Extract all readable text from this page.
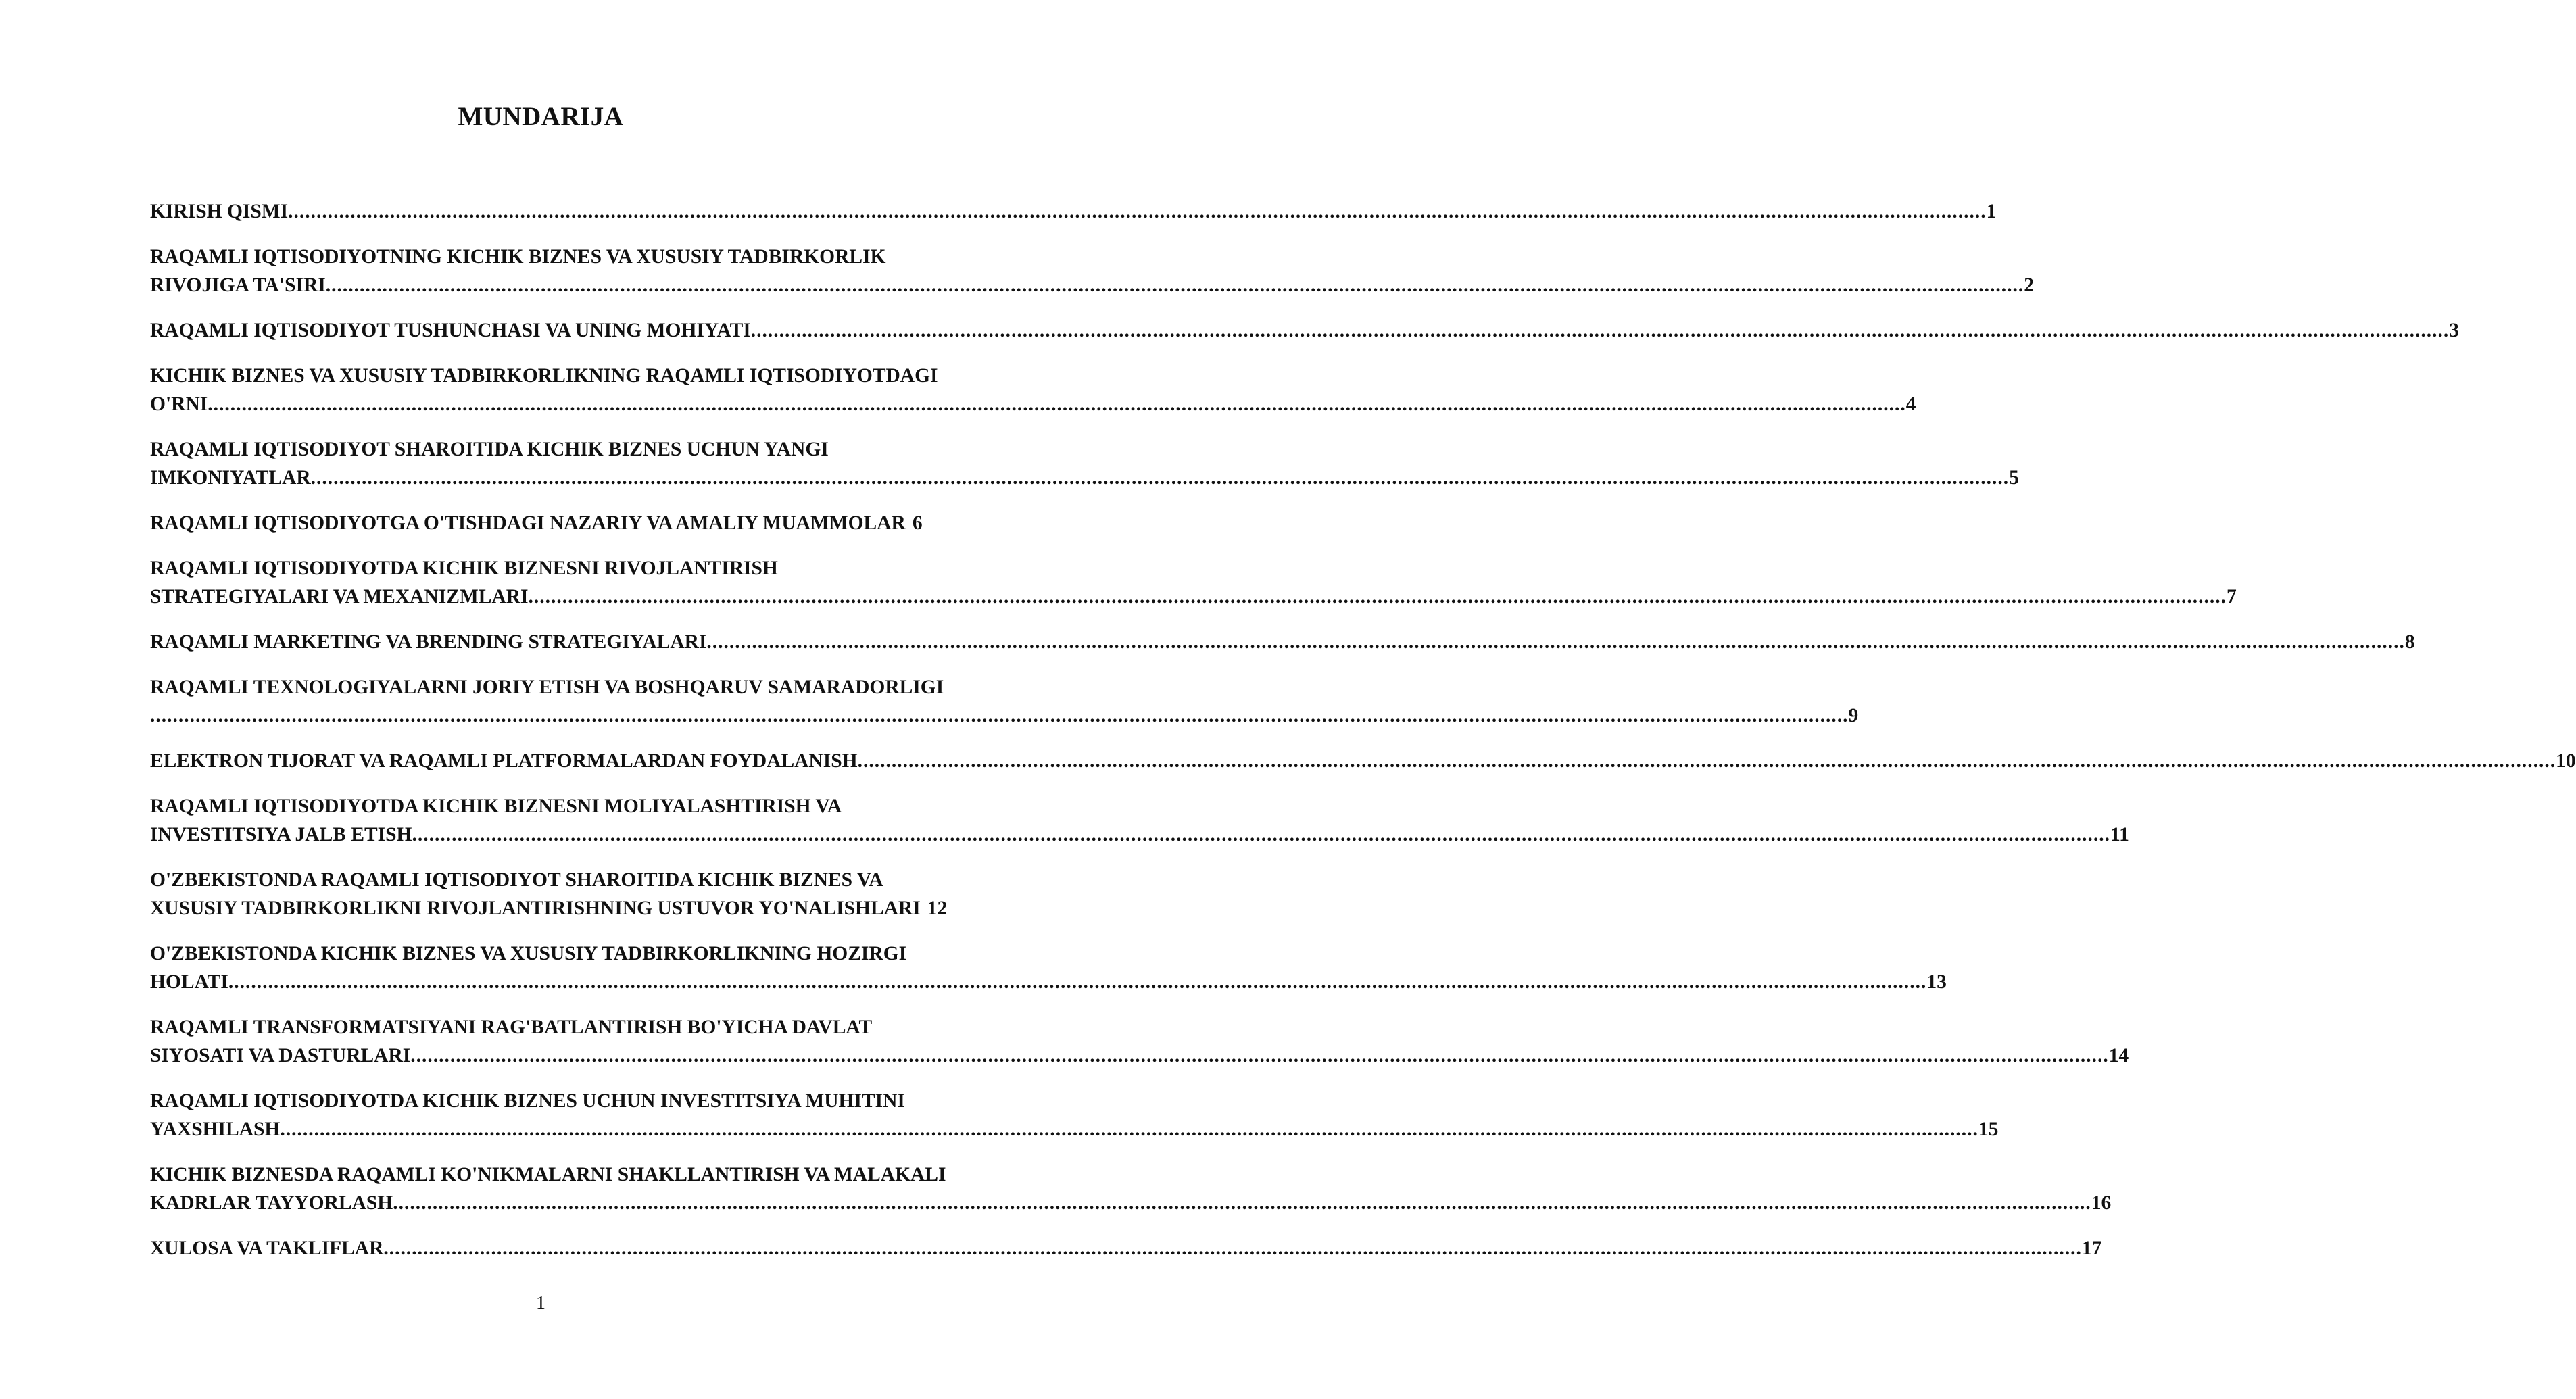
MUNDARIJA
KIRISH QISMI ............................................................................................................................................................................................................................................................................................................ 1
RAQAMLI IQTISODIYOTNING KICHIK BIZNES VA XUSUSIY TADBIRKORLIK
RIVOJIGA TA'SIRI ............................................................................................................................................................................................................................................................................................................ 2
RAQAMLI IQTISODIYOT TUSHUNCHASI VA UNING MOHIYATI ............................................................................................................................................................................................................................................................................................................ 3
KICHIK BIZNES VA XUSUSIY TADBIRKORLIKNING RAQAMLI IQTISODIYOTDAGI
O'RNI ............................................................................................................................................................................................................................................................................................................ 4
RAQAMLI IQTISODIYOT SHAROITIDA KICHIK BIZNES UCHUN YANGI
IMKONIYATLAR ............................................................................................................................................................................................................................................................................................................ 5
RAQAMLI IQTISODIYOTGA O'TISHDAGI NAZARIY VA AMALIY MUAMMOLAR 6
RAQAMLI IQTISODIYOTDA KICHIK BIZNESNI RIVOJLANTIRISH
STRATEGIYALARI VA MEXANIZMLARI ............................................................................................................................................................................................................................................................................................................ 7
RAQAMLI MARKETING VA BRENDING STRATEGIYALARI ............................................................................................................................................................................................................................................................................................................ 8
RAQAMLI TEXNOLOGIYALARNI JORIY ETISH VA BOSHQARUV SAMARADORLIGI
............................................................................................................................................................................................................................................................................................................ 9
ELEKTRON TIJORAT VA RAQAMLI PLATFORMALARDAN FOYDALANISH ............................................................................................................................................................................................................................................................................................................ 10
RAQAMLI IQTISODIYOTDA KICHIK BIZNESNI MOLIYALASHTIRISH VA
INVESTITSIYA JALB ETISH ............................................................................................................................................................................................................................................................................................................ 11
O'ZBEKISTONDA RAQAMLI IQTISODIYOT SHAROITIDA KICHIK BIZNES VA
XUSUSIY TADBIRKORLIKNI RIVOJLANTIRISHNING USTUVOR YO'NALISHLARI 12
O'ZBEKISTONDA KICHIK BIZNES VA XUSUSIY TADBIRKORLIKNING HOZIRGI
HOLATI ............................................................................................................................................................................................................................................................................................................ 13
RAQAMLI TRANSFORMATSIYANI RAG'BATLANTIRISH BO'YICHA DAVLAT
SIYOSATI VA DASTURLARI ............................................................................................................................................................................................................................................................................................................ 14
RAQAMLI IQTISODIYOTDA KICHIK BIZNES UCHUN INVESTITSIYA MUHITINI
YAXSHILASH ............................................................................................................................................................................................................................................................................................................ 15
KICHIK BIZNESDA RAQAMLI KO'NIKMALARNI SHAKLLANTIRISH VA MALAKALI
KADRLAR TAYYORLASH ............................................................................................................................................................................................................................................................................................................ 16
XULOSA VA TAKLIFLAR ............................................................................................................................................................................................................................................................................................................ 17
1
